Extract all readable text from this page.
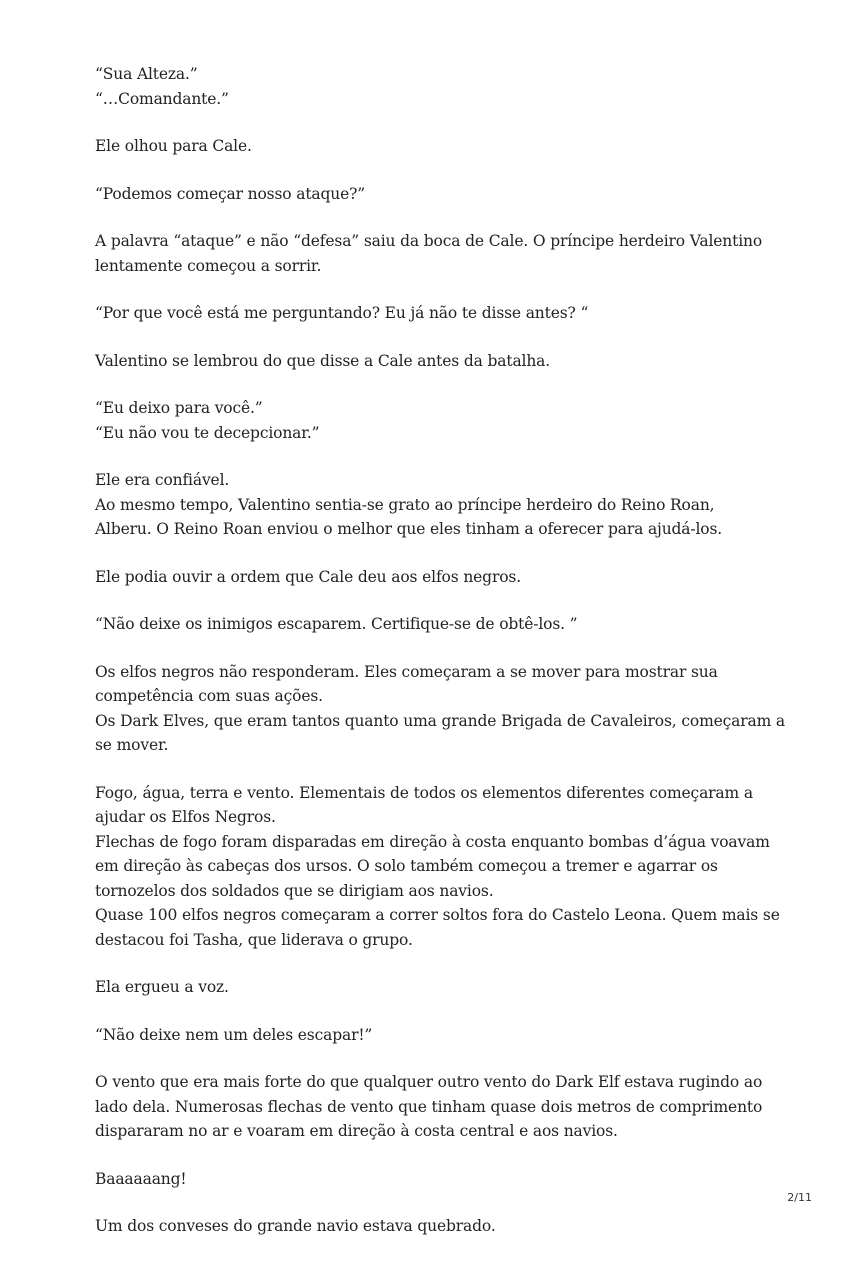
“Sua Alteza.”
“…Comandante.”

Ele olhou para Cale.

“Podemos começar nosso ataque?”

A palavra “ataque” e não “defesa” saiu da boca de Cale. O príncipe herdeiro Valentino
lentamente começou a sorrir.

“Por que você está me perguntando? Eu já não te disse antes? “

Valentino se lembrou do que disse a Cale antes da batalha.

“Eu deixo para você.”
“Eu não vou te decepcionar.”

Ele era confiável.
Ao mesmo tempo, Valentino sentia-se grato ao príncipe herdeiro do Reino Roan,
Alberu. O Reino Roan enviou o melhor que eles tinham a oferecer para ajudá-los.

Ele podia ouvir a ordem que Cale deu aos elfos negros.

“Não deixe os inimigos escaparem. Certifique-se de obtê-los. ”

Os elfos negros não responderam. Eles começaram a se mover para mostrar sua
competência com suas ações.
Os Dark Elves, que eram tantos quanto uma grande Brigada de Cavaleiros, começaram a
se mover.

Fogo, água, terra e vento. Elementais de todos os elementos diferentes começaram a
ajudar os Elfos Negros.
Flechas de fogo foram disparadas em direção à costa enquanto bombas d’água voavam
em direção às cabeças dos ursos. O solo também começou a tremer e agarrar os
tornozelos dos soldados que se dirigiam aos navios.
Quase 100 elfos negros começaram a correr soltos fora do Castelo Leona. Quem mais se
destacou foi Tasha, que liderava o grupo.

Ela ergueu a voz.

“Não deixe nem um deles escapar!”

O vento que era mais forte do que qualquer outro vento do Dark Elf estava rugindo ao
lado dela. Numerosas flechas de vento que tinham quase dois metros de comprimento
dispararam no ar e voaram em direção à costa central e aos navios.

Baaaaaang!

Um dos conveses do grande navio estava quebrado.

2/11
